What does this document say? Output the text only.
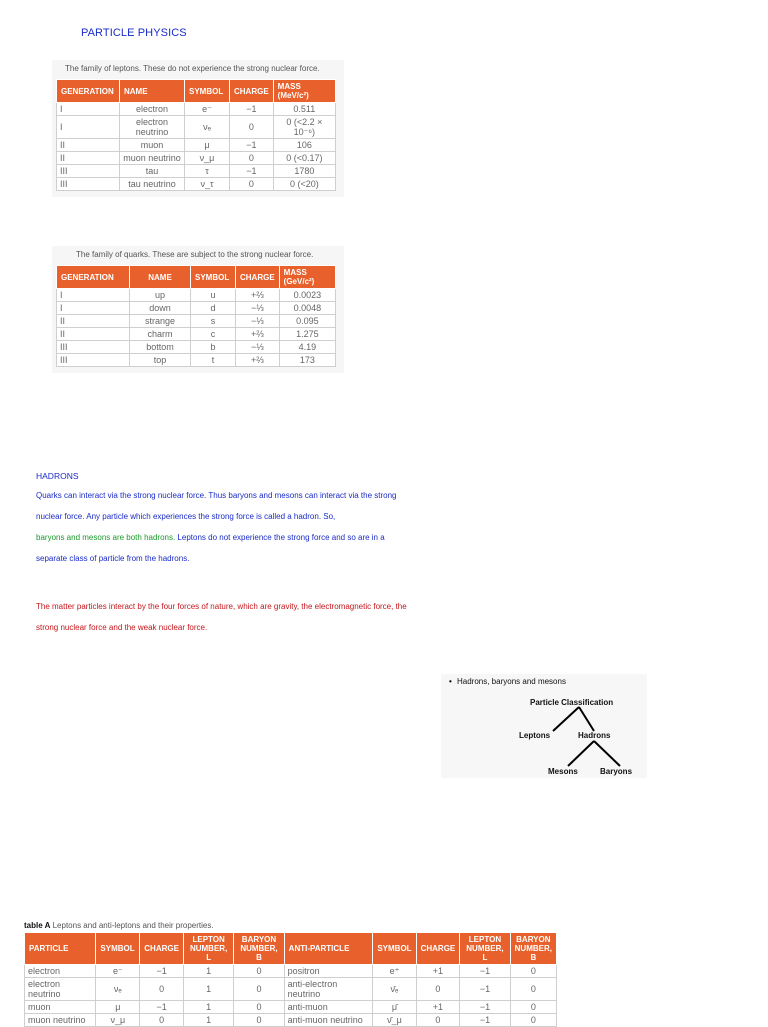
PARTICLE PHYSICS
The family of leptons. These do not experience the strong nuclear force.
GENERATION	NAME	SYMBOL	CHARGE	MASS (MeV/c²)
I	electron	e⁻	−1	0.511
I	electron neutrino	νₑ	0	0 (<2.2 × 10⁻⁶)
II	muon	μ	−1	106
II	muon neutrino	ν_μ	0	0 (<0.17)
III	tau	τ	−1	1780
III	tau neutrino	ν_τ	0	0 (<20)
The family of quarks. These are subject to the strong nuclear force.
GENERATION	NAME	SYMBOL	CHARGE	MASS (GeV/c²)
I	up	u	+⅔	0.0023
I	down	d	−⅓	0.0048
II	strange	s	−⅓	0.095
II	charm	c	+⅔	1.275
III	bottom	b	−⅓	4.19
III	top	t	+⅔	173
HADRONS
Quarks can interact via the strong nuclear force. Thus baryons and mesons can interact via the strong nuclear force. Any particle which experiences the strong force is called a hadron. So,
baryons and mesons are both hadrons. Leptons do not experience the strong force and so are in a separate class of particle from the hadrons.
The matter particles interact by the four forces of nature, which are gravity, the electromagnetic force, the strong nuclear force and the weak nuclear force.
• Hadrons, baryons and mesons
Particle Classification
Leptons	Hadrons
Mesons	Baryons
table A Leptons and anti-leptons and their properties.
PARTICLE	SYMBOL	CHARGE	LEPTON NUMBER, L	BARYON NUMBER, B	ANTI-PARTICLE	SYMBOL	CHARGE	LEPTON NUMBER, L	BARYON NUMBER, B
electron	e⁻	−1	1	0	positron	e⁺	+1	−1	0
electron neutrino	νₑ	0	1	0	anti-electron neutrino	ν̄ₑ	0	−1	0
muon	μ	−1	1	0	anti-muon	μ̄	+1	−1	0
muon neutrino	ν_μ	0	1	0	anti-muon neutrino	ν̄_μ	0	−1	0
